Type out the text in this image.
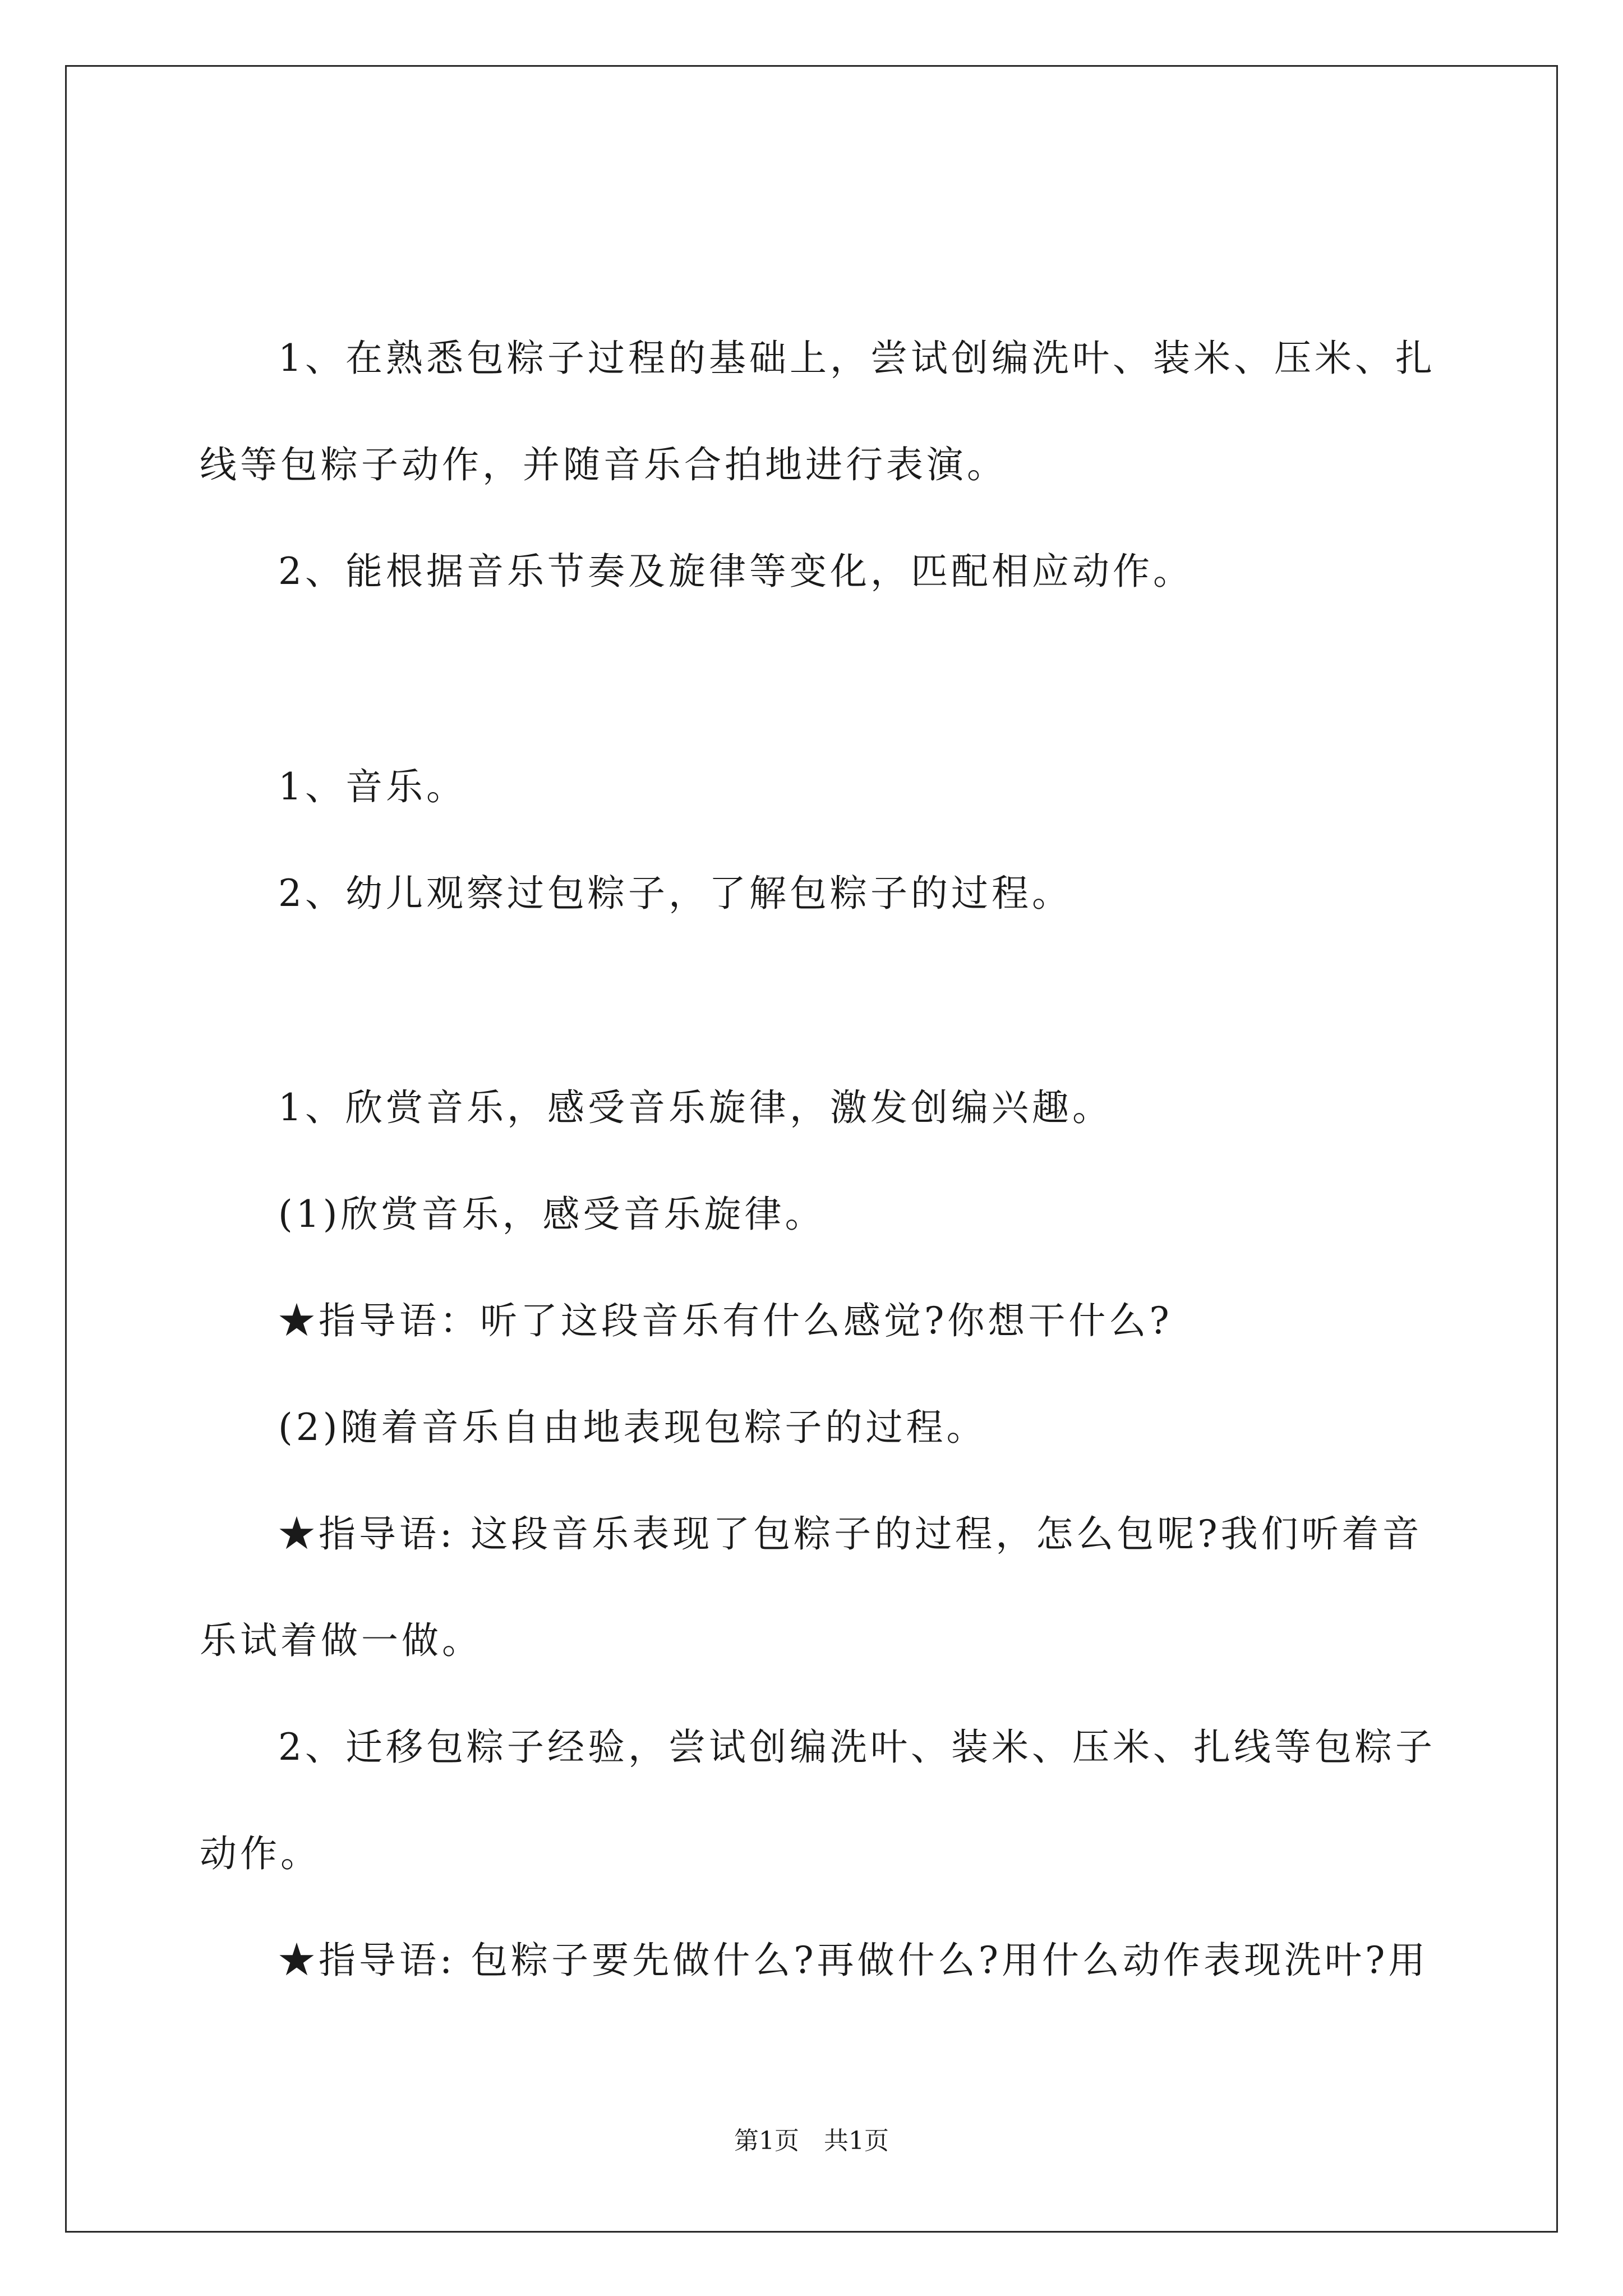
1、在熟悉包粽子过程的基础上，尝试创编洗叶、装米、压米、扎
线等包粽子动作，并随音乐合拍地进行表演。
2、能根据音乐节奏及旋律等变化，匹配相应动作。
1、音乐。
2、幼儿观察过包粽子，了解包粽子的过程。
1、欣赏音乐，感受音乐旋律，激发创编兴趣。
(1)欣赏音乐，感受音乐旋律。
★指导语：听了这段音乐有什么感觉?你想干什么?
(2)随着音乐自由地表现包粽子的过程。
★指导语: 这段音乐表现了包粽子的过程，怎么包呢?我们听着音
乐试着做一做。
2、迁移包粽子经验，尝试创编洗叶、装米、压米、扎线等包粽子
动作。
★指导语: 包粽子要先做什么?再做什么?用什么动作表现洗叶?用
第1页　共1页
